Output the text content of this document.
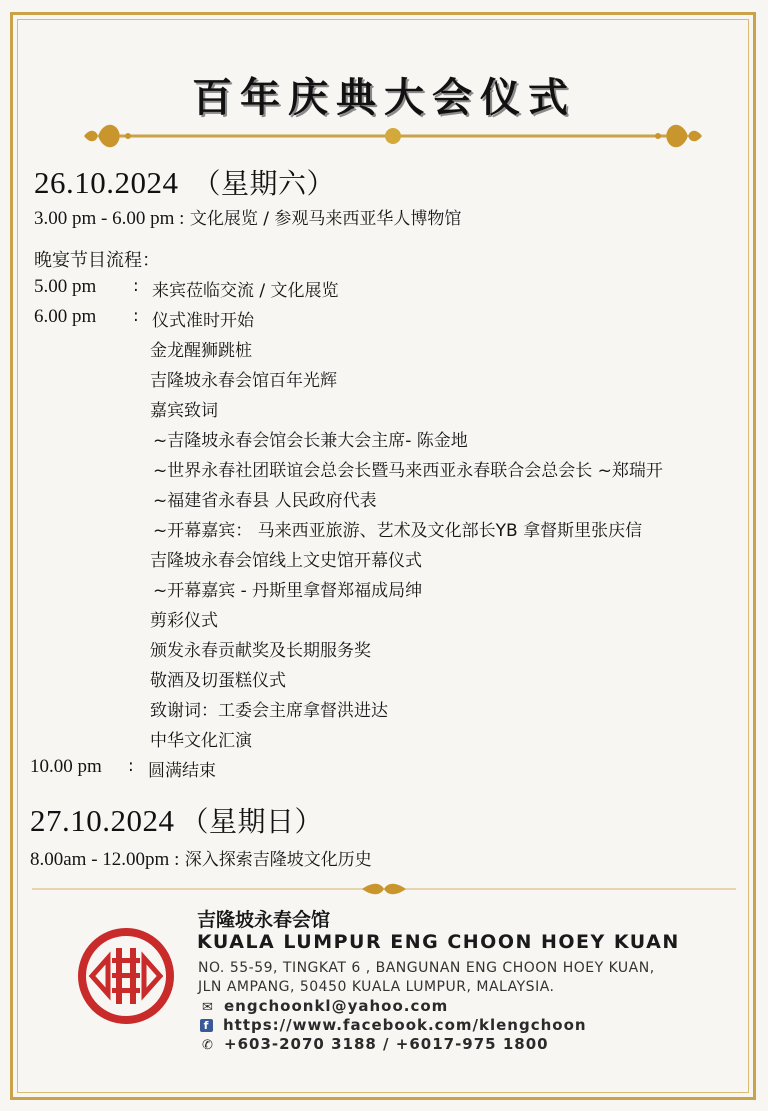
百年庆典大会仪式
26.10.2024 （星期六）
3.00 pm - 6.00 pm : 文化展览 / 参观马来西亚华人博物馆
晚宴节目流程：
5.00 pm : 来宾莅临交流 / 文化展览
6.00 pm : 仪式准时开始
金龙醒狮跳桩
吉隆坡永春会馆百年光辉
嘉宾致词
~吉隆坡永春会馆会长兼大会主席- 陈金地
~世界永春社团联谊会总会长暨马来西亚永春联合会总会长 ~郑瑞开
~福建省永春县 人民政府代表
~开幕嘉宾： 马来西亚旅游、艺术及文化部长YB 拿督斯里张庆信
吉隆坡永春会馆线上文史馆开幕仪式
~开幕嘉宾 - 丹斯里拿督郑福成局绅
剪彩仪式
颁发永春贡献奖及长期服务奖
敬酒及切蛋糕仪式
致谢词：工委会主席拿督洪进达
中华文化汇演
10.00 pm : 圆满结束
27.10.2024 （星期日）
8.00am - 12.00pm : 深入探索吉隆坡文化历史
吉隆坡永春会馆
KUALA LUMPUR ENG CHOON HOEY KUAN
NO. 55-59, TINGKAT 6 , BANGUNAN ENG CHOON HOEY KUAN,
JLN AMPANG, 50450 KUALA LUMPUR, MALAYSIA.
✉ engchoonkl@yahoo.com
f https://www.facebook.com/klengchoon
✆ +603-2070 3188 / +6017-975 1800
